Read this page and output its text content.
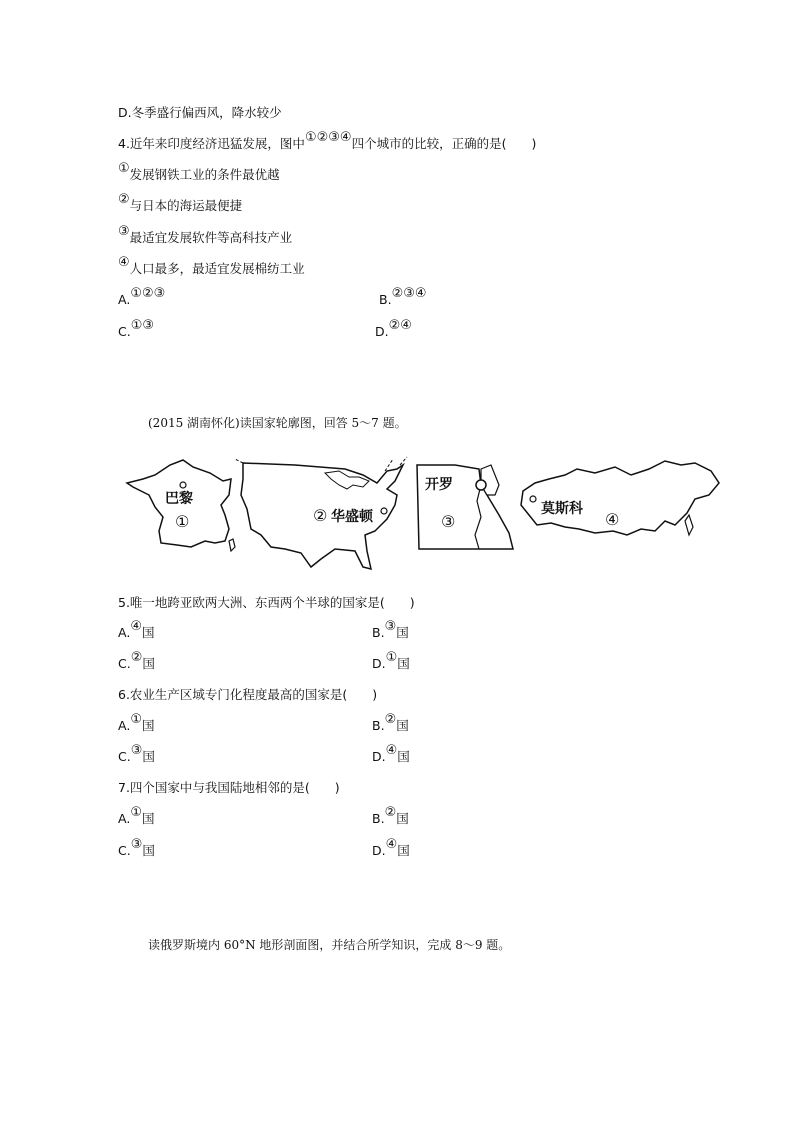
D.冬季盛行偏西风，降水较少
4.近年来印度经济迅猛发展，图中①②③④四个城市的比较，正确的是(　　)
①发展钢铁工业的条件最优越
②与日本的海运最便捷
③最适宜发展软件等高科技产业
④人口最多，最适宜发展棉纺工业
A.①②③	B.②③④
C.①③	D.②④
(2015 湖南怀化)读国家轮廓图，回答 5～7 题。
巴黎
①	② 华盛顿
开罗
③
莫斯科
④
5.唯一地跨亚欧两大洲、东西两个半球的国家是(　　)
A.④国	B.③国
C.②国	D.①国
6.农业生产区域专门化程度最高的国家是(　　)
A.①国	B.②国
C.③国	D.④国
7.四个国家中与我国陆地相邻的是(　　)
A.①国	B.②国
C.③国	D.④国
读俄罗斯境内 60°N 地形剖面图，并结合所学知识，完成 8～9 题。
